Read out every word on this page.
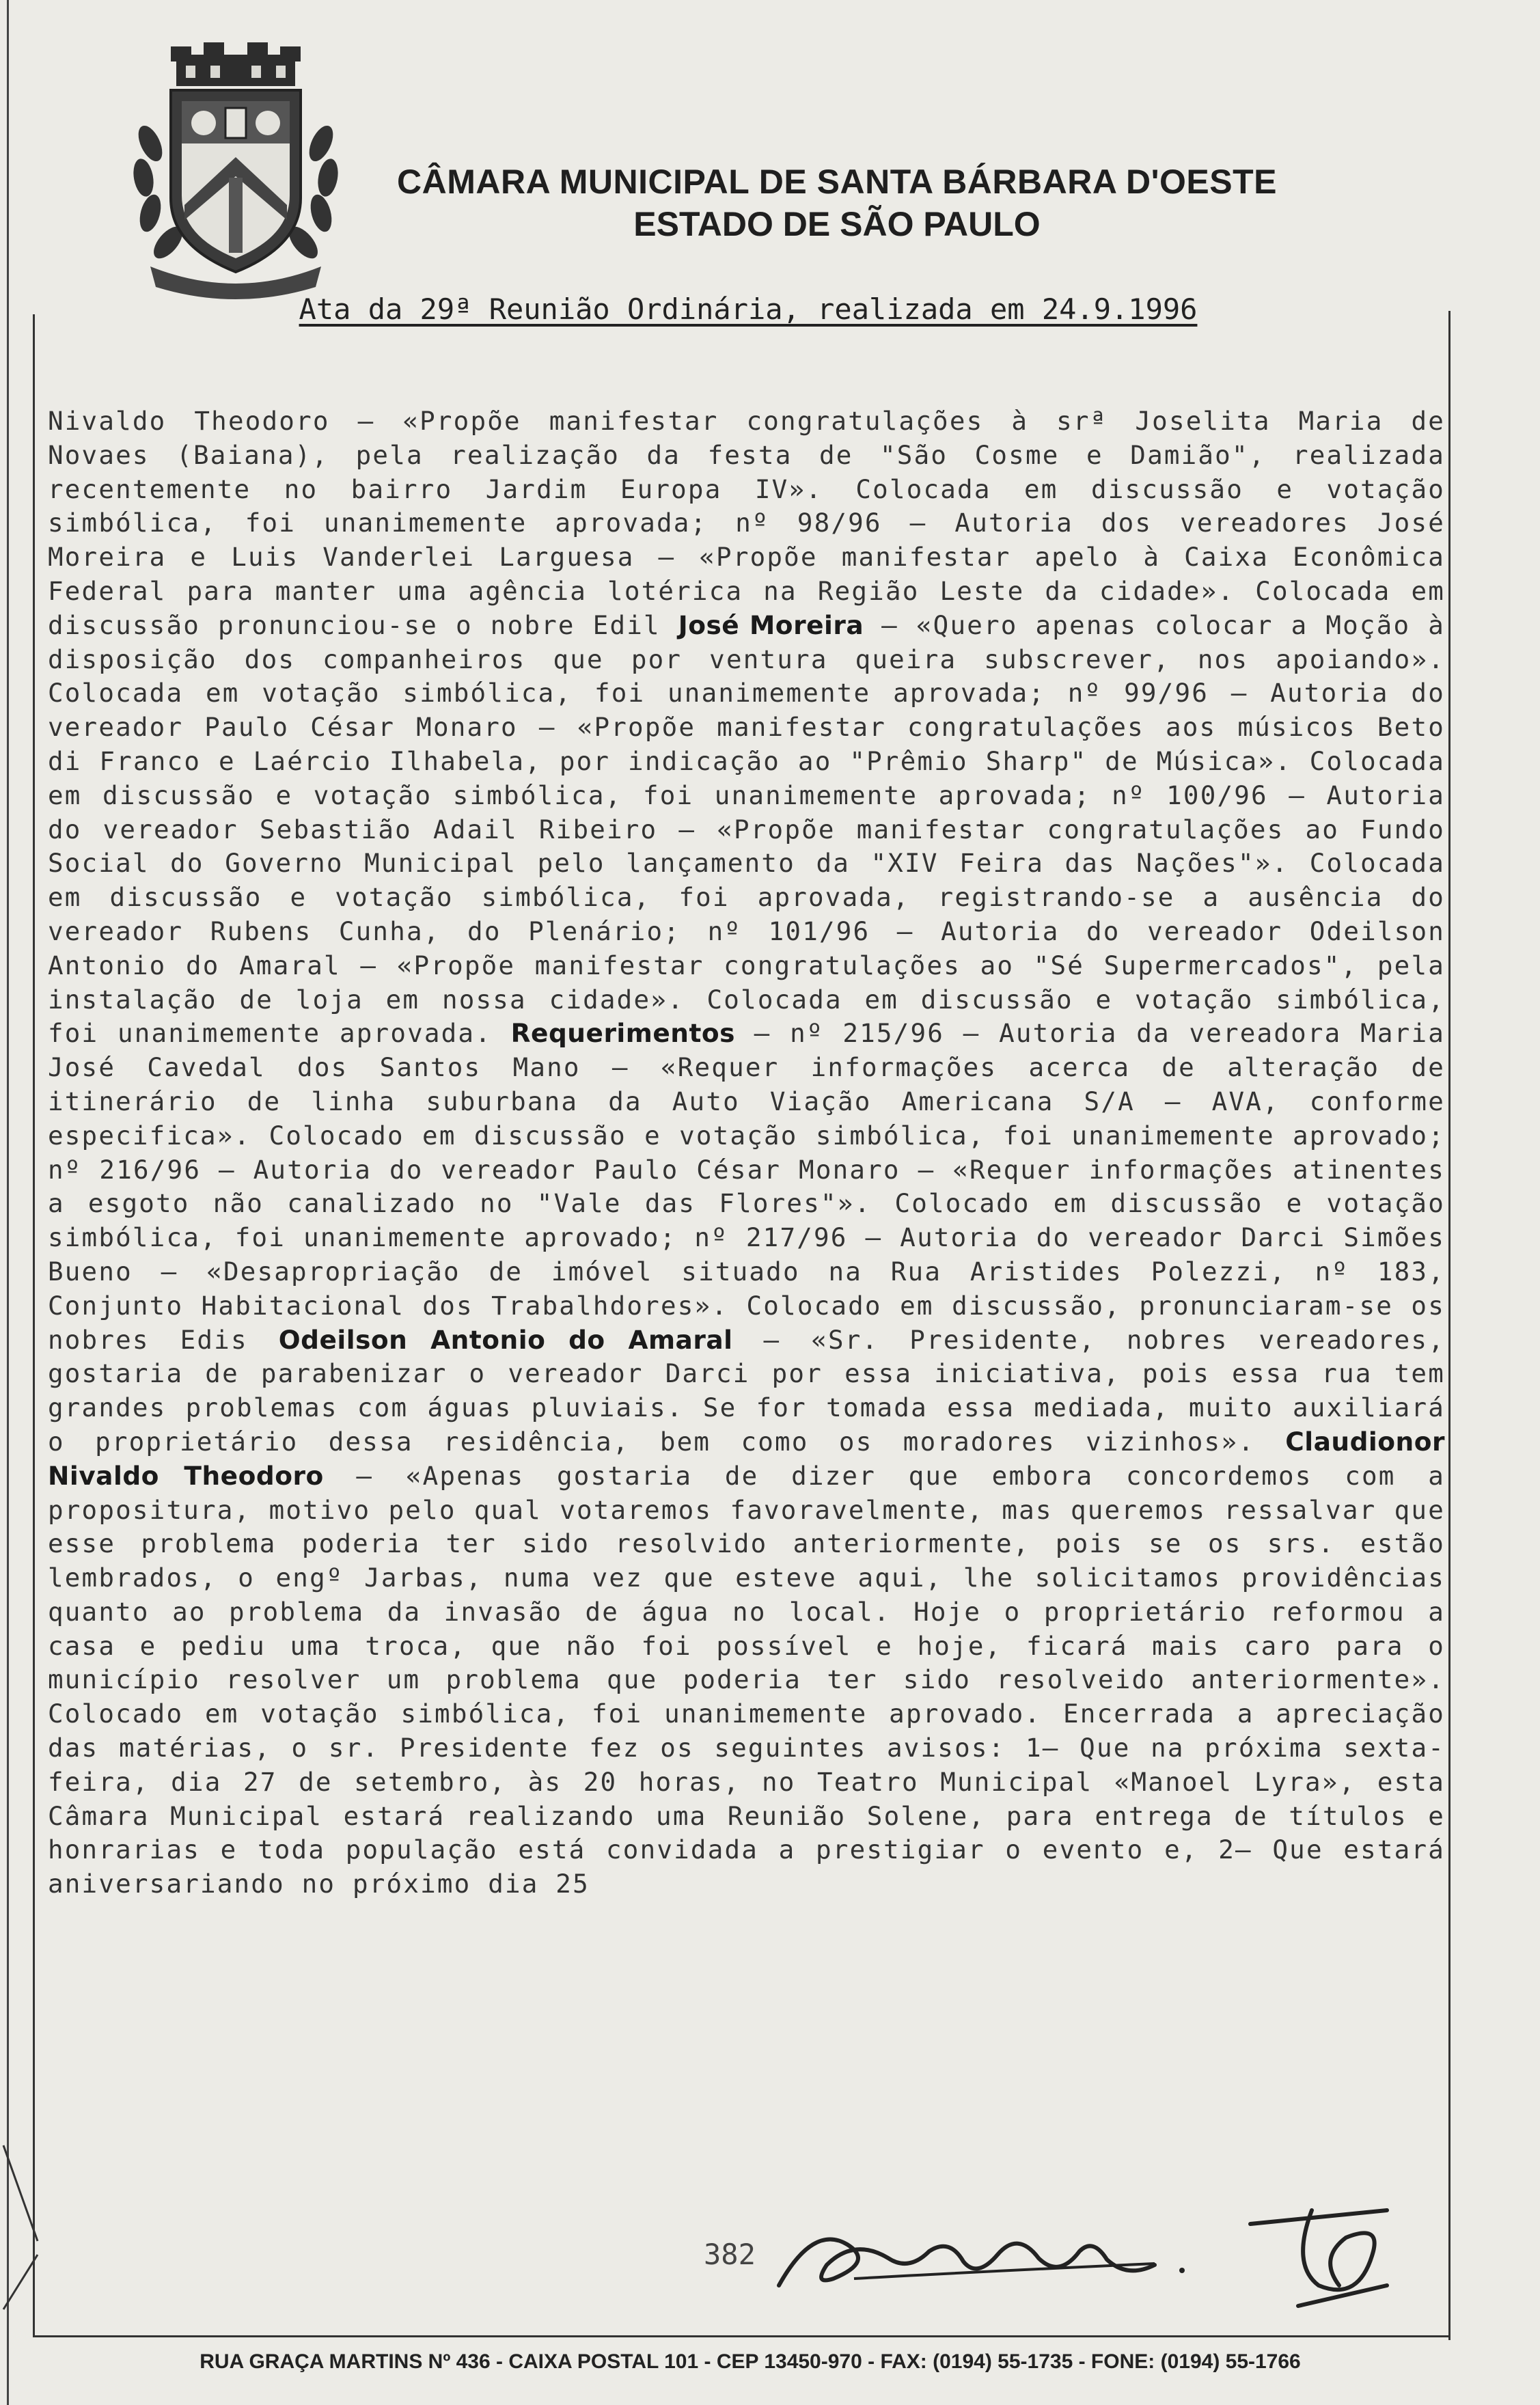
CÂMARA MUNICIPAL DE SANTA BÁRBARA D'OESTE
ESTADO DE SÃO PAULO
Ata da 29ª Reunião Ordinária, realizada em 24.9.1996
Nivaldo Theodoro – «Propõe manifestar congratulações à srª Joselita Maria de Novaes (Baiana), pela realização da festa de "São Cosme e Damião", realizada recentemente no bairro Jardim Europa IV». Colocada em discussão e votação simbólica, foi unanimemente aprovada; nº 98/96 – Autoria dos vereadores José Moreira e Luis Vanderlei Larguesa – «Propõe manifestar apelo à Caixa Econômica Federal para manter uma agência lotérica na Região Leste da cidade». Colocada em discussão pronunciou-se o nobre Edil José Moreira – «Quero apenas colocar a Moção à disposição dos companheiros que por ventura queira subscrever, nos apoiando». Colocada em votação simbólica, foi unanimemente aprovada; nº 99/96 – Autoria do vereador Paulo César Monaro – «Propõe manifestar congratulações aos músicos Beto di Franco e Laércio Ilhabela, por indicação ao "Prêmio Sharp" de Música». Colocada em discussão e votação simbólica, foi unanimemente aprovada; nº 100/96 – Autoria do vereador Sebastião Adail Ribeiro – «Propõe manifestar congratulações ao Fundo Social do Governo Municipal pelo lançamento da "XIV Feira das Nações"». Colocada em discussão e votação simbólica, foi aprovada, registrando-se a ausência do vereador Rubens Cunha, do Plenário; nº 101/96 – Autoria do vereador Odeilson Antonio do Amaral – «Propõe manifestar congratulações ao "Sé Supermercados", pela instalação de loja em nossa cidade». Colocada em discussão e votação simbólica, foi unanimemente aprovada. Requerimentos – nº 215/96 – Autoria da vereadora Maria José Cavedal dos Santos Mano – «Requer informações acerca de alteração de itinerário de linha suburbana da Auto Viação Americana S/A – AVA, conforme especifica». Colocado em discussão e votação simbólica, foi unanimemente aprovado; nº 216/96 – Autoria do vereador Paulo César Monaro – «Requer informações atinentes a esgoto não canalizado no "Vale das Flores"». Colocado em discussão e votação simbólica, foi unanimemente aprovado; nº 217/96 – Autoria do vereador Darci Simões Bueno – «Desapropriação de imóvel situado na Rua Aristides Polezzi, nº 183, Conjunto Habitacional dos Trabalhdores». Colocado em discussão, pronunciaram-se os nobres Edis Odeilson Antonio do Amaral – «Sr. Presidente, nobres vereadores, gostaria de parabenizar o vereador Darci por essa iniciativa, pois essa rua tem grandes problemas com águas pluviais. Se for tomada essa mediada, muito auxiliará o proprietário dessa residência, bem como os moradores vizinhos». Claudionor Nivaldo Theodoro – «Apenas gostaria de dizer que embora concordemos com a propositura, motivo pelo qual votaremos favoravelmente, mas queremos ressalvar que esse problema poderia ter sido resolvido anteriormente, pois se os srs. estão lembrados, o engº Jarbas, numa vez que esteve aqui, lhe solicitamos providências quanto ao problema da invasão de água no local. Hoje o proprietário reformou a casa e pediu uma troca, que não foi possível e hoje, ficará mais caro para o município resolver um problema que poderia ter sido resolveido anteriormente». Colocado em votação simbólica, foi unanimemente aprovado. Encerrada a apreciação das matérias, o sr. Presidente fez os seguintes avisos: 1– Que na próxima sexta-feira, dia 27 de setembro, às 20 horas, no Teatro Municipal «Manoel Lyra», esta Câmara Municipal estará realizando uma Reunião Solene, para entrega de títulos e honrarias e toda população está convidada a prestigiar o evento e, 2– Que estará aniversariando no próximo dia 25
382
RUA GRAÇA MARTINS Nº 436 - CAIXA POSTAL 101 - CEP 13450-970 - FAX: (0194) 55-1735 - FONE: (0194) 55-1766
